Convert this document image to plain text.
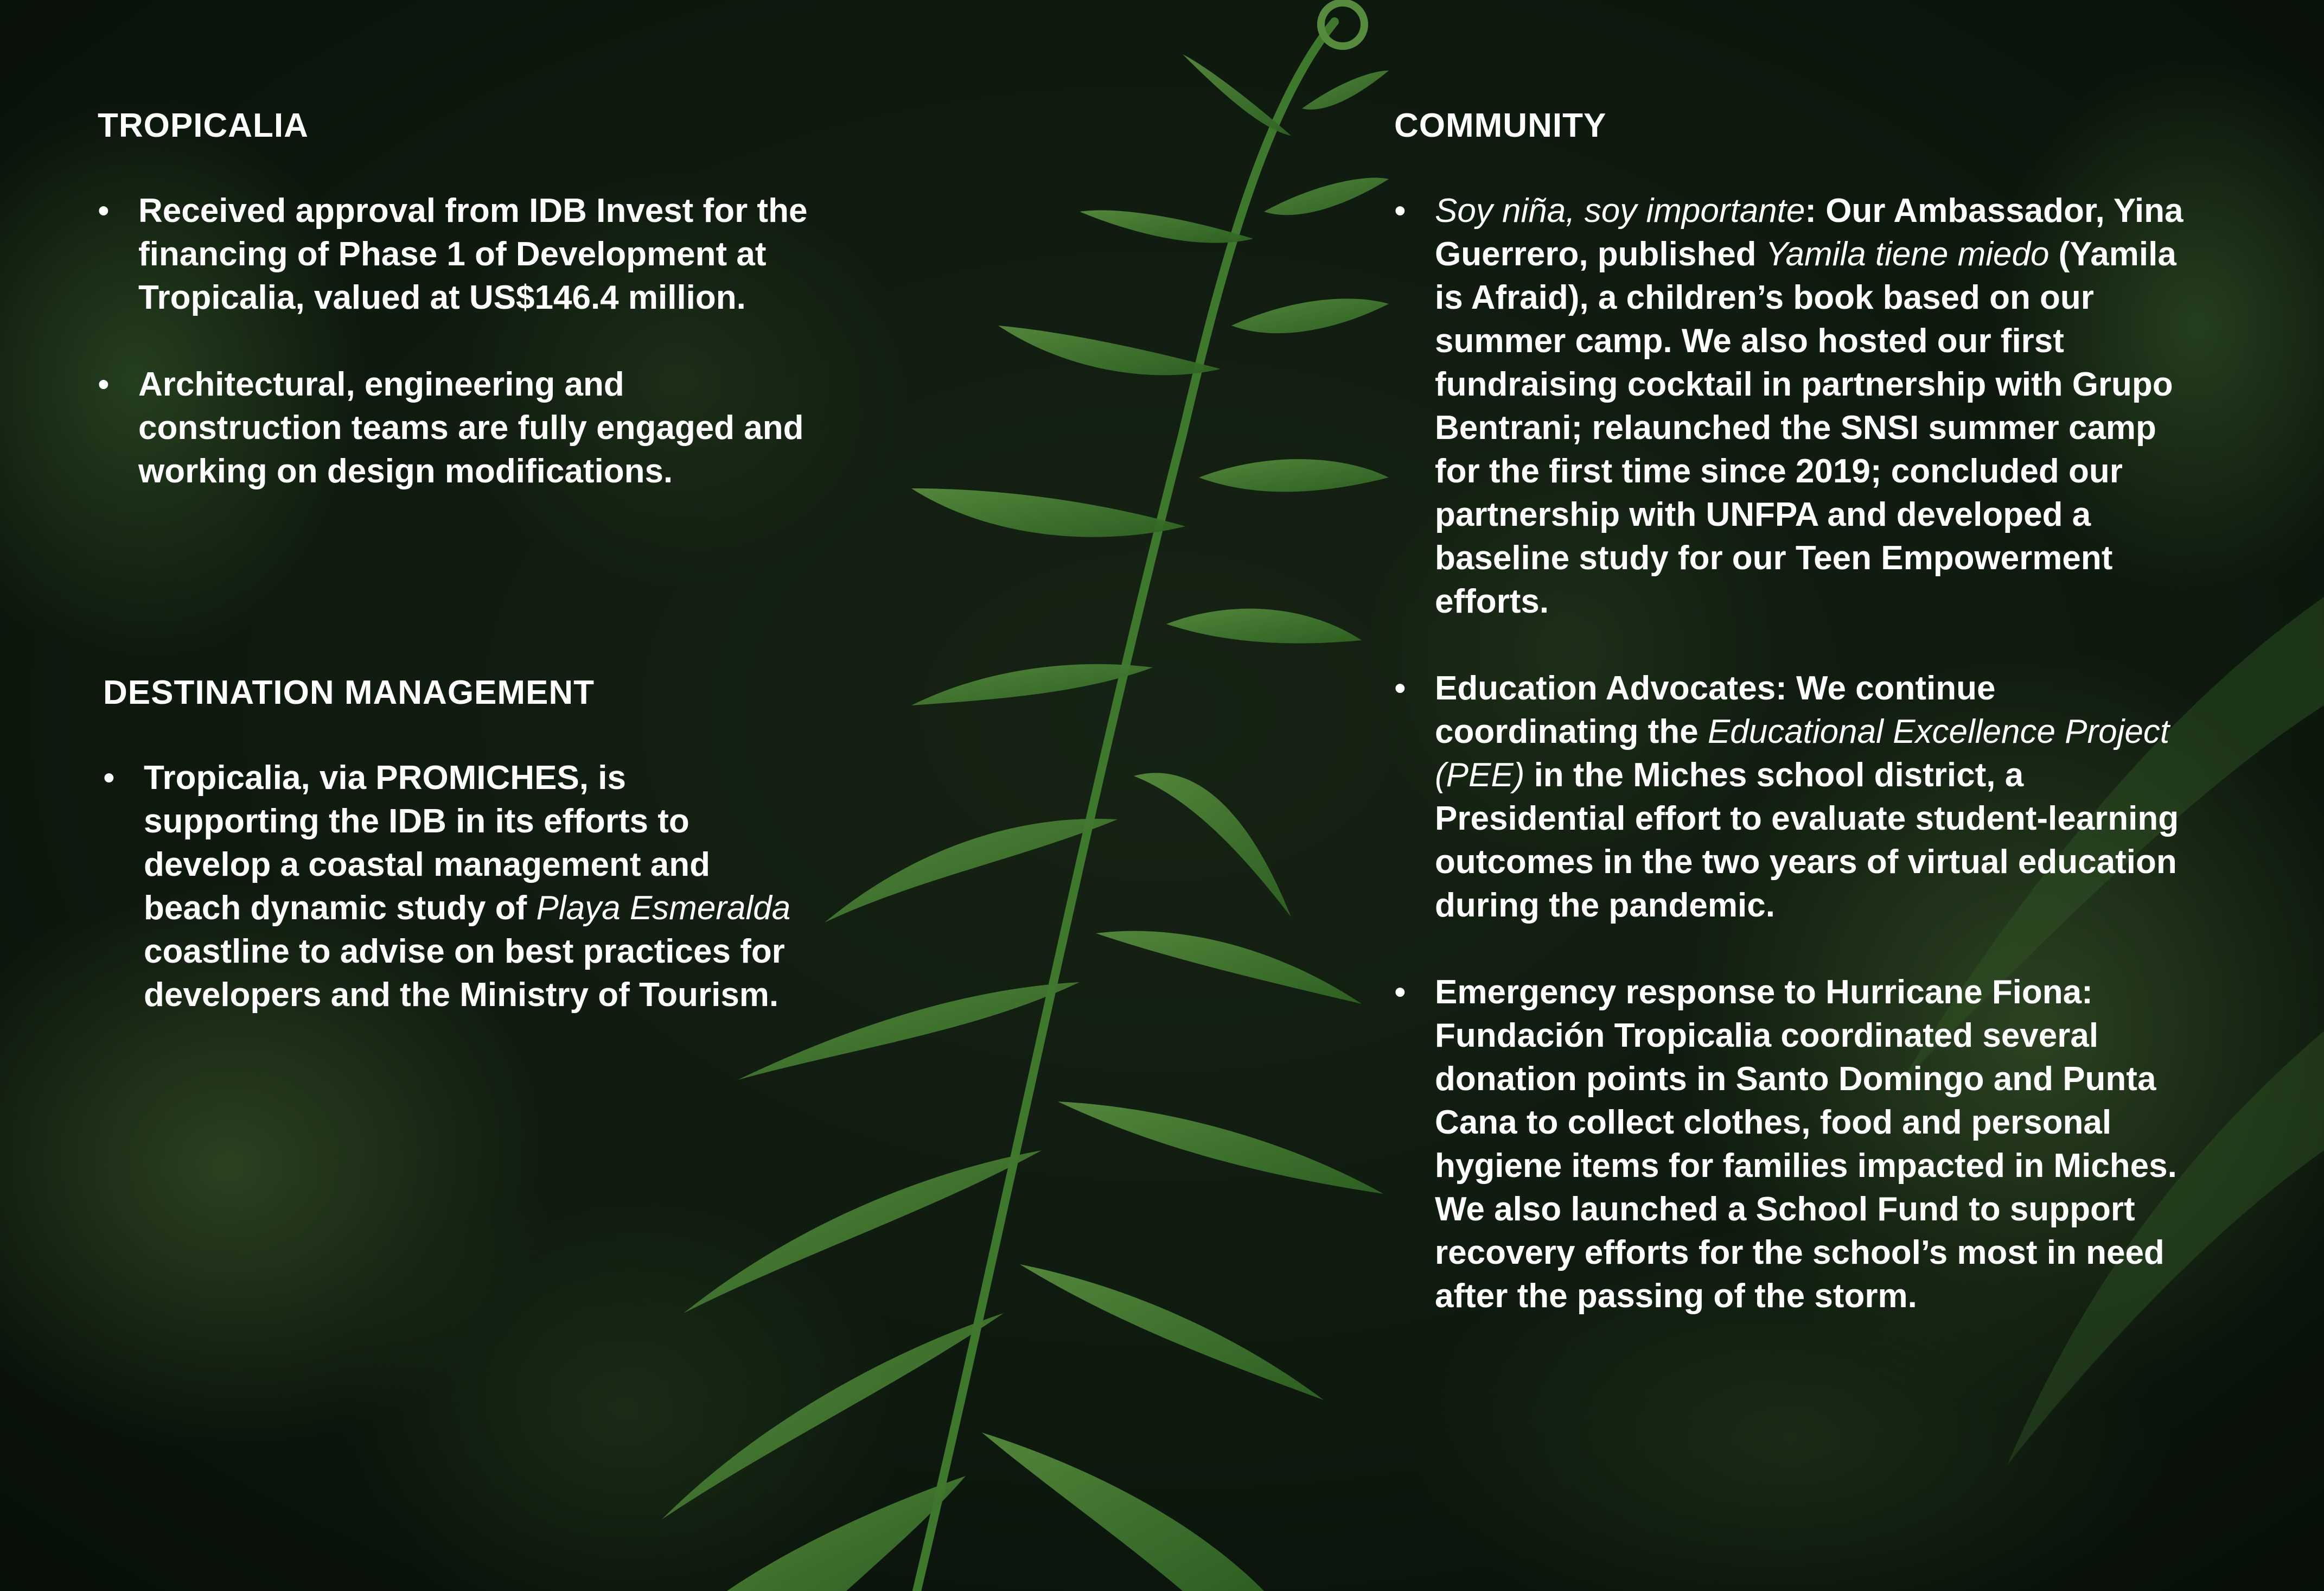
TROPICALIA
• Received approval from IDB Invest for the financing of Phase 1 of Development at Tropicalia, valued at US$146.4 million.
• Architectural, engineering and construction teams are fully engaged and working on design modifications.
DESTINATION MANAGEMENT
• Tropicalia, via PROMICHES, is supporting the IDB in its efforts to develop a coastal management and beach dynamic study of Playa Esmeralda coastline to advise on best practices for developers and the Ministry of Tourism.
COMMUNITY
• Soy niña, soy importante: Our Ambassador, Yina Guerrero, published Yamila tiene miedo (Yamila is Afraid), a children’s book based on our summer camp. We also hosted our first fundraising cocktail in partnership with Grupo Bentrani; relaunched the SNSI summer camp for the first time since 2019; concluded our partnership with UNFPA and developed a baseline study for our Teen Empowerment efforts.
• Education Advocates: We continue coordinating the Educational Excellence Project (PEE) in the Miches school district, a Presidential effort to evaluate student-learning outcomes in the two years of virtual education during the pandemic.
• Emergency response to Hurricane Fiona: Fundación Tropicalia coordinated several donation points in Santo Domingo and Punta Cana to collect clothes, food and personal hygiene items for families impacted in Miches. We also launched a School Fund to support recovery efforts for the school’s most in need after the passing of the storm.
